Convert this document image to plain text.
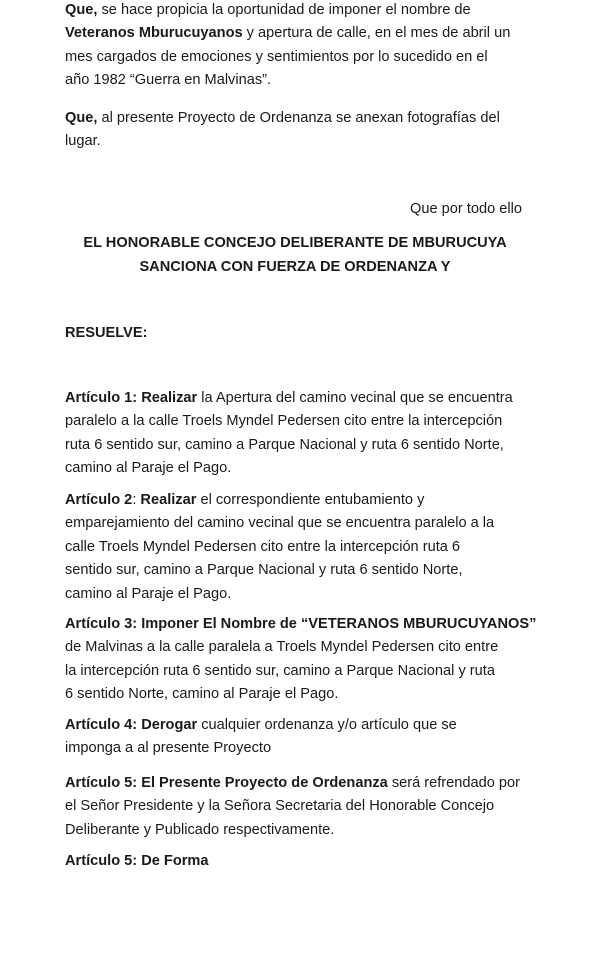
Que, se hace propicia la oportunidad de imponer el nombre de
Veteranos Mburucuyanos y apertura de calle, en el mes de abril un
mes cargados de emociones y sentimientos por lo sucedido en el
año 1982 “Guerra en Malvinas”.
Que, al presente Proyecto de Ordenanza se anexan fotografías del
lugar.
Que por todo ello
EL HONORABLE CONCEJO DELIBERANTE DE MBURUCUYA
SANCIONA CON FUERZA DE ORDENANZA Y
RESUELVE:
Artículo 1: Realizar la Apertura del camino vecinal que se encuentra
paralelo a la calle Troels Myndel Pedersen cito entre la intercepción
ruta 6 sentido sur, camino a Parque Nacional y ruta 6 sentido Norte,
camino al Paraje el Pago.
Artículo 2: Realizar el correspondiente entubamiento y
emparejamiento del camino vecinal que se encuentra paralelo a la
calle Troels Myndel Pedersen cito entre la intercepción ruta 6
sentido sur, camino a Parque Nacional y ruta 6 sentido Norte,
camino al Paraje el Pago.
Artículo 3: Imponer El Nombre de “VETERANOS MBURUCUYANOS”
de Malvinas a la calle paralela a Troels Myndel Pedersen cito entre
la intercepción ruta 6 sentido sur, camino a Parque Nacional y ruta
6 sentido Norte, camino al Paraje el Pago.
Artículo 4: Derogar cualquier ordenanza y/o artículo que se
imponga a al presente Proyecto
Artículo 5: El Presente Proyecto de Ordenanza será refrendado por
el Señor Presidente y la Señora Secretaria del Honorable Concejo
Deliberante y Publicado respectivamente.
Artículo 5: De Forma
